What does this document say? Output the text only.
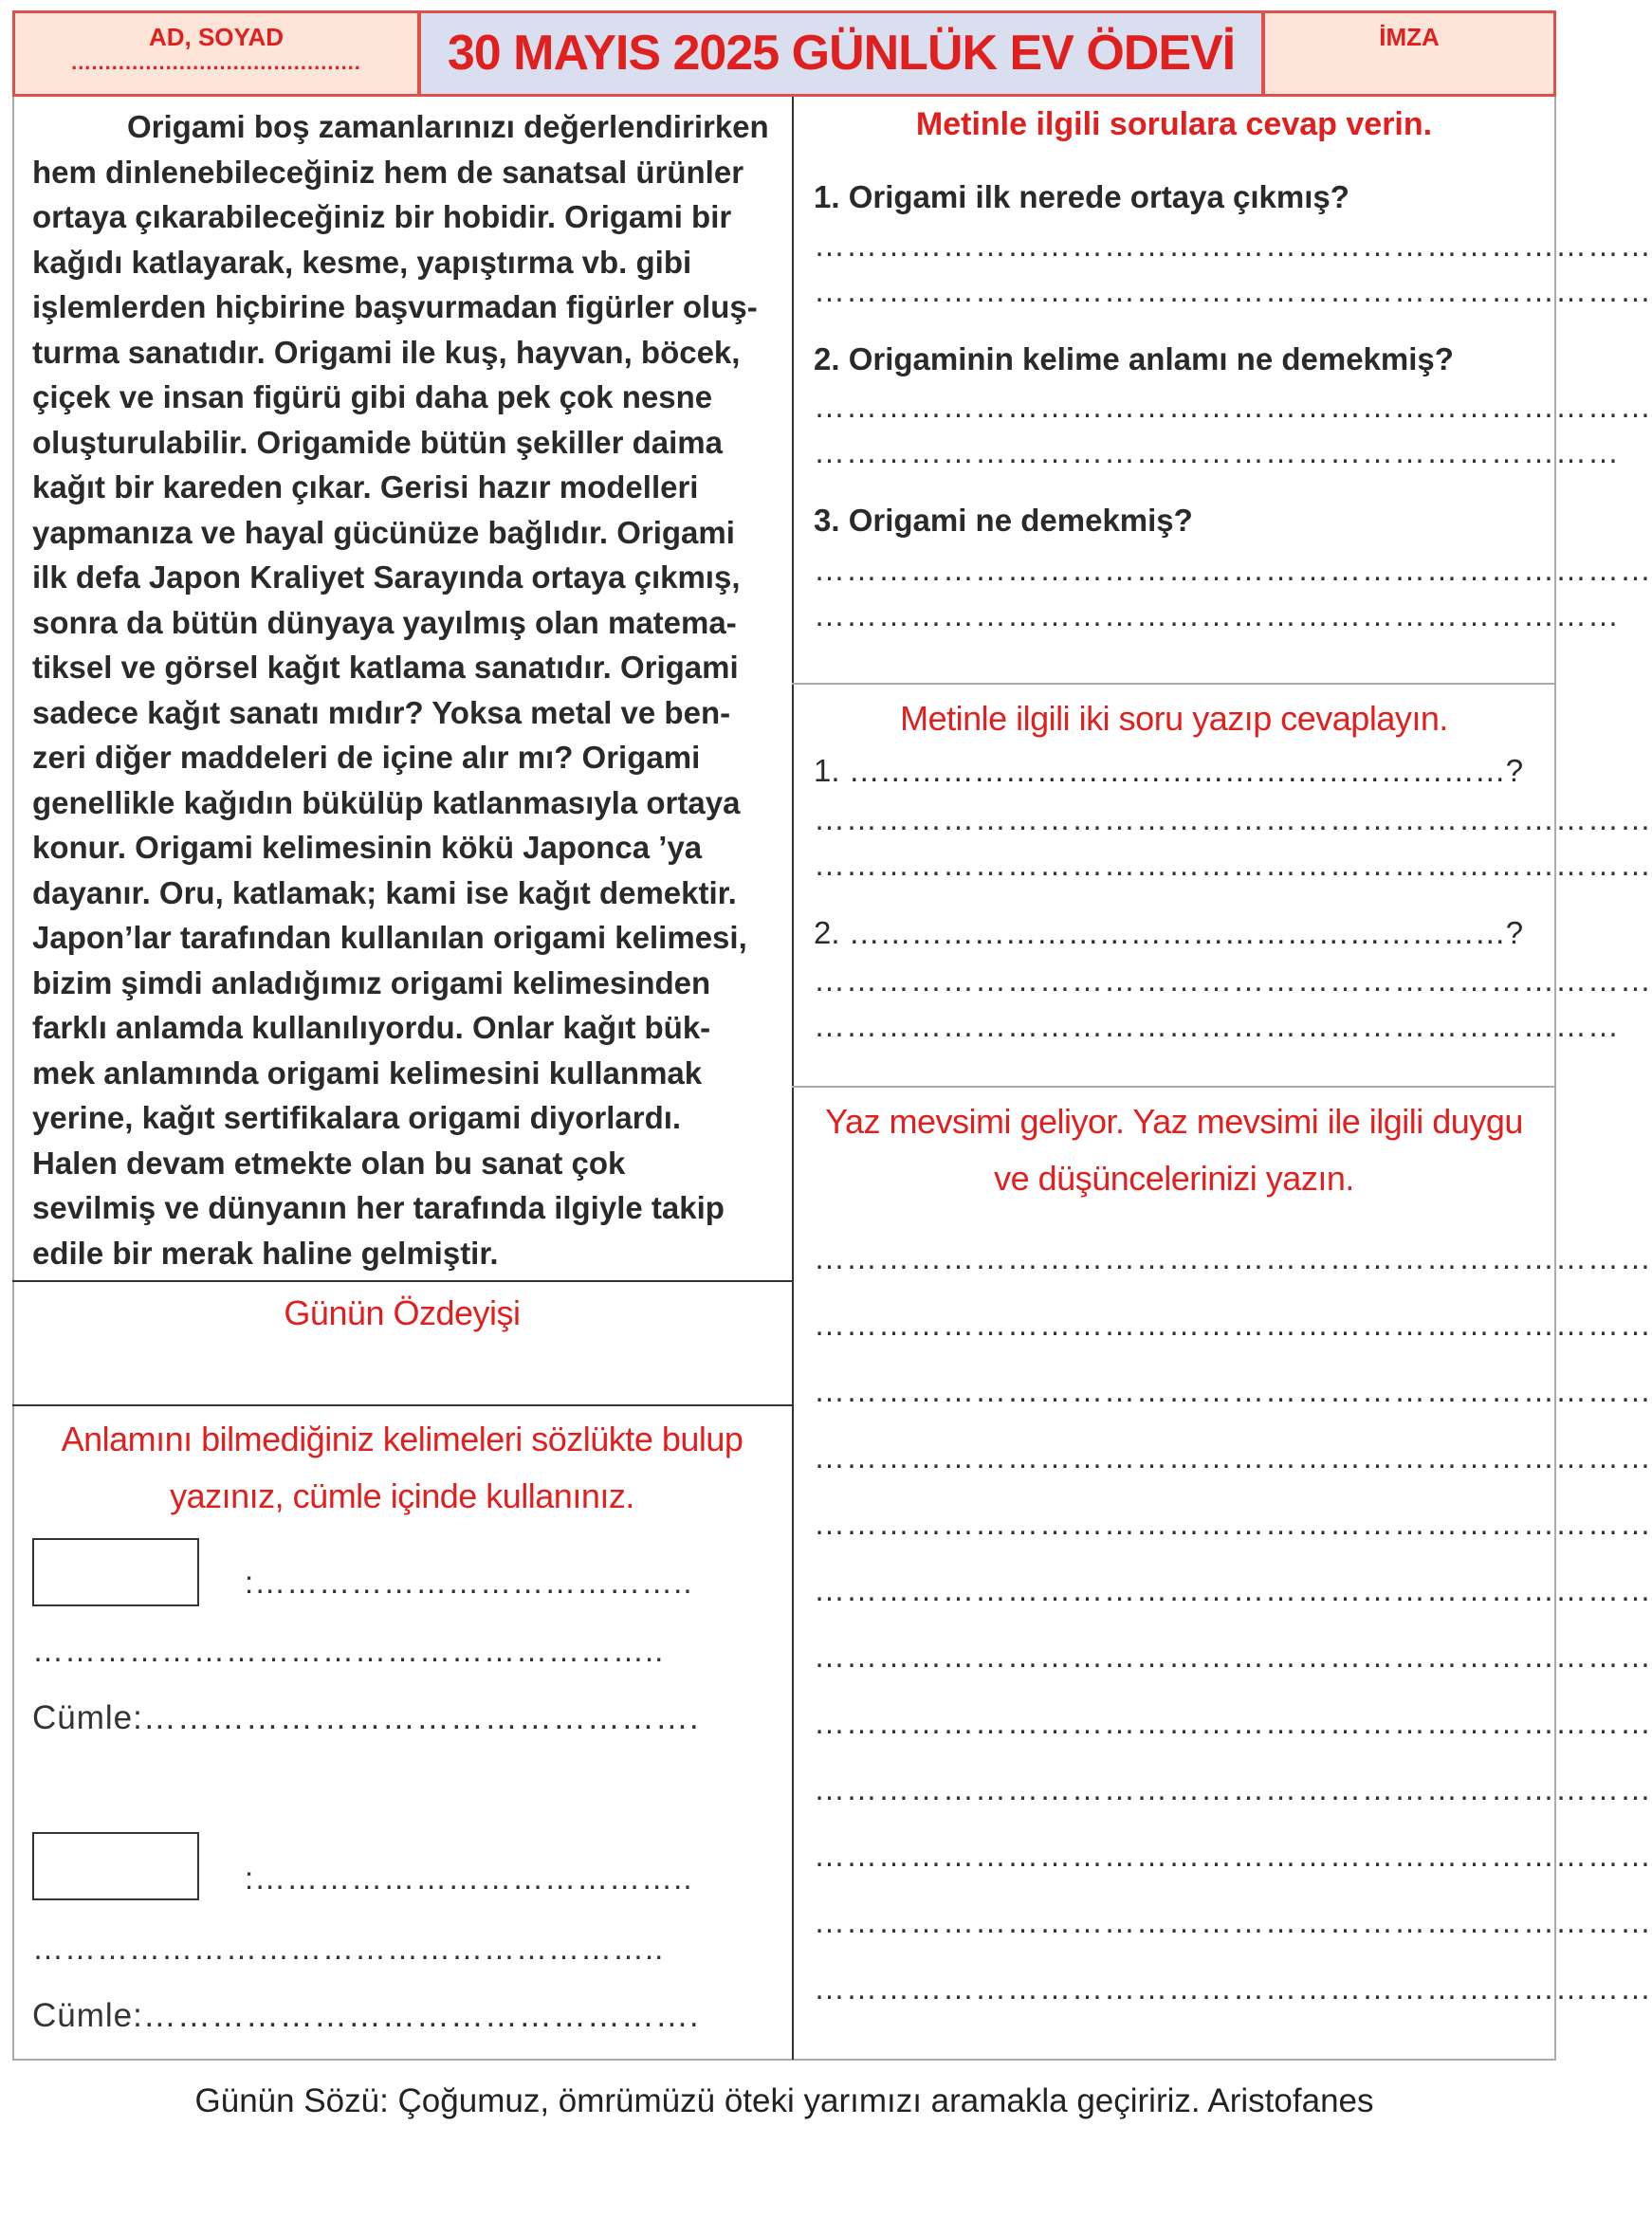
AD, SOYAD
...........................................	30 MAYIS 2025 GÜNLÜK EV ÖDEVİ	İMZA
Origami boş zamanlarınızı değerlendirirken
hem dinlenebileceğiniz hem de sanatsal ürünler
ortaya çıkarabileceğiniz bir hobidir. Origami bir
kağıdı katlayarak, kesme, yapıştırma vb. gibi
işlemlerden hiçbirine başvurmadan figürler oluş-
turma sanatıdır. Origami ile kuş, hayvan, böcek,
çiçek ve insan figürü gibi daha pek çok nesne
oluşturulabilir. Origamide bütün şekiller daima
kağıt bir kareden çıkar. Gerisi hazır modelleri
yapmanıza ve hayal gücünüze bağlıdır. Origami
ilk defa Japon Kraliyet Sarayında ortaya çıkmış,
sonra da bütün dünyaya yayılmış olan matema-
tiksel ve görsel kağıt katlama sanatıdır. Origami
sadece kağıt sanatı mıdır? Yoksa metal ve ben-
zeri diğer maddeleri de içine alır mı? Origami
genellikle kağıdın bükülüp katlanmasıyla ortaya
konur. Origami kelimesinin kökü Japonca ’ya
dayanır. Oru, katlamak; kami ise kağıt demektir.
Japon’lar tarafından kullanılan origami kelimesi,
bizim şimdi anladığımız origami kelimesinden
farklı anlamda kullanılıyordu. Onlar kağıt bük-
mek anlamında origami kelimesini kullanmak
yerine, kağıt sertifikalara origami diyorlardı.
Halen devam etmekte olan bu sanat çok
sevilmiş ve dünyanın her tarafında ilgiyle takip
edile bir merak haline gelmiştir.
Günün Özdeyişi
Anlamını bilmediğiniz kelimeleri sözlükte bulup
yazınız, cümle içinde kullanınız.
:…………………………………..
…………………………………………………..
Cümle:………………………………………….
:…………………………………..
…………………………………………………..
Cümle:………………………………………….
Metinle ilgili sorulara cevap verin.
1. Origami ilk nerede ortaya çıkmış?
……………………………………………………………………
……………………………………………………………………
2. Origaminin kelime anlamı ne demekmiş?
……………………………………………………………………
…………………………………………………………………
3. Origami ne demekmiş?
……………………………………………………………………
…………………………………………………………………
Metinle ilgili iki soru yazıp cevaplayın.
1. ………………………………………………………?
……………………………………………………………………
……………………………………………………………………
2. ………………………………………………………?
……………………………………………………………………
…………………………………………………………………
Yaz mevsimi geliyor. Yaz mevsimi ile ilgili duygu
ve düşüncelerinizi yazın.
……………………………………………………………………
……………………………………………………………………
……………………………………………………………………
……………………………………………………………………
……………………………………………………………………
……………………………………………………………………
……………………………………………………………………
……………………………………………………………………
……………………………………………………………………
……………………………………………………………………
……………………………………………………………………
……………………………………………………………………
Günün Sözü: Çoğumuz, ömrümüzü öteki yarımızı aramakla geçiririz. Aristofanes
